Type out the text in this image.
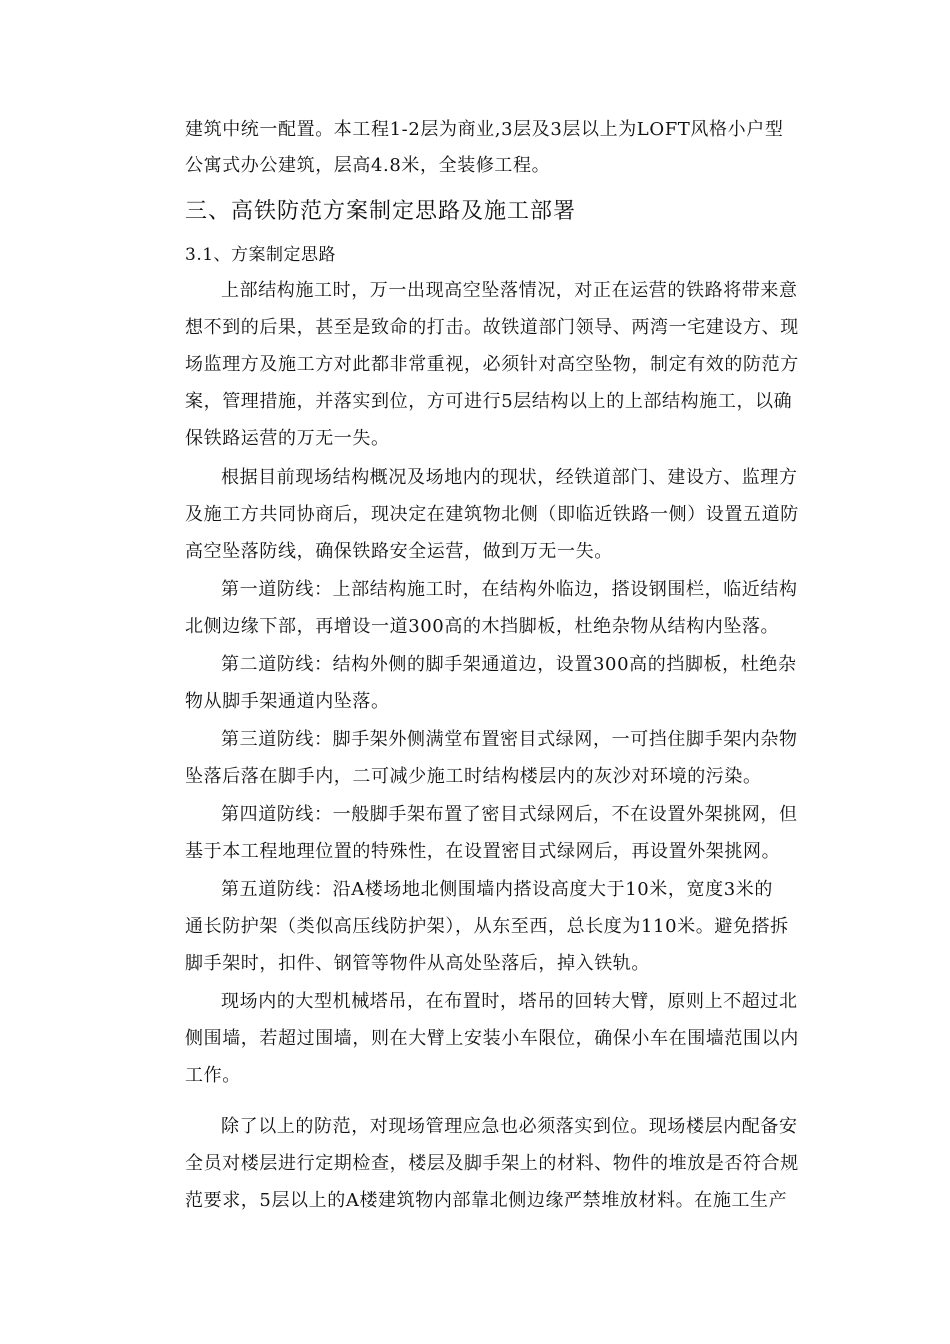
建筑中统一配置。本工程1-2层为商业,3层及3层以上为LOFT风格小户型
公寓式办公建筑，层高4.8米，全装修工程。
三、高铁防范方案制定思路及施工部署
3.1、方案制定思路
上部结构施工时，万一出现高空坠落情况，对正在运营的铁路将带来意
想不到的后果，甚至是致命的打击。故铁道部门领导、两湾一宅建设方、现
场监理方及施工方对此都非常重视，必须针对高空坠物，制定有效的防范方
案，管理措施，并落实到位，方可进行5层结构以上的上部结构施工，以确
保铁路运营的万无一失。
根据目前现场结构概况及场地内的现状，经铁道部门、建设方、监理方
及施工方共同协商后，现决定在建筑物北侧（即临近铁路一侧）设置五道防
高空坠落防线，确保铁路安全运营，做到万无一失。
第一道防线：上部结构施工时，在结构外临边，搭设钢围栏，临近结构
北侧边缘下部，再增设一道300高的木挡脚板，杜绝杂物从结构内坠落。
第二道防线：结构外侧的脚手架通道边，设置300高的挡脚板，杜绝杂
物从脚手架通道内坠落。
第三道防线：脚手架外侧满堂布置密目式绿网，一可挡住脚手架内杂物
坠落后落在脚手内，二可减少施工时结构楼层内的灰沙对环境的污染。
第四道防线：一般脚手架布置了密目式绿网后，不在设置外架挑网，但
基于本工程地理位置的特殊性，在设置密目式绿网后，再设置外架挑网。
第五道防线：沿A楼场地北侧围墙内搭设高度大于10米，宽度3米的
通长防护架（类似高压线防护架），从东至西，总长度为110米。避免搭拆
脚手架时，扣件、钢管等物件从高处坠落后，掉入铁轨。
现场内的大型机械塔吊，在布置时，塔吊的回转大臂，原则上不超过北
侧围墙，若超过围墙，则在大臂上安装小车限位，确保小车在围墙范围以内
工作。
除了以上的防范，对现场管理应急也必须落实到位。现场楼层内配备安
全员对楼层进行定期检查，楼层及脚手架上的材料、物件的堆放是否符合规
范要求，5层以上的A楼建筑物内部靠北侧边缘严禁堆放材料。在施工生产
